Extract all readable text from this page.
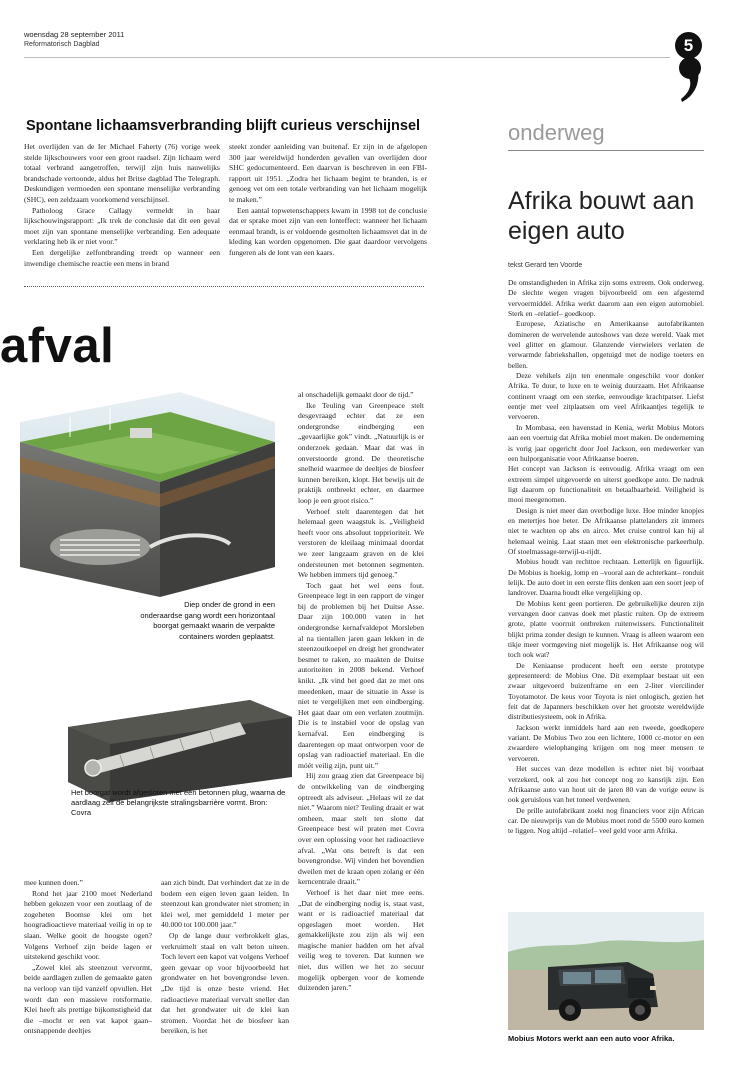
woensdag 28 september 2011
Reformatorisch Dagblad	5
Spontane lichaamsverbranding blijft curieus verschijnsel

Het overlijden van de Ier Michael Faherty (76) vorige week stelde lijkschouwers voor een groot raadsel. Zijn lichaam werd totaal verbrand aangetroffen, terwijl zijn huis nauwelijks brandschade vertoonde, aldus het Britse dagblad The Telegraph. Deskundigen vermoeden een spontane menselijke verbranding (SHC), een zeldzaam voorkomend verschijnsel.

Patholoog Grace Callagy vermeldt in haar lijkschouwingsrapport: „Ik trek de conclusie dat dit een geval moet zijn van spontane menselijke verbranding. Een adequate verklaring heb ik er niet voor.”

Een dergelijke zelfontbranding treedt op wanneer een inwendige chemische reactie een mens in brand

steekt zonder aanleiding van buitenaf. Er zijn in de afgelopen 300 jaar wereldwijd honderden gevallen van overlijden door SHC gedocumenteerd. Een daarvan is beschreven in een FBI-rapport uit 1951. „Zodra het lichaam begint te branden, is er genoeg vet om een totale verbranding van het lichaam mogelijk te maken.”

Een aantal topwetenschappers kwam in 1998 tot de conclusie dat er sprake moet zijn van een lonteffect: wanneer het lichaam eenmaal brandt, is er voldoende gesmolten lichaamsvet dat in de kleding kan worden opgenomen. Die gaat daardoor vervolgens fungeren als de lont van een kaars.

afval
Diep onder de grond in een onderaardse gang wordt een horizontaal boorgat gemaakt waarin de verpakte containers worden geplaatst.
Het boorgat wordt afgesloten met een betonnen plug, waarna de aardlaag zelf de belangrijkste stralingsbarrière vormt. Bron: Covra

al onschadelijk gemaakt door de tijd.”

Ike Teuling van Greenpeace stelt desgevraagd echter dat ze een ondergrondse eindberging een „gevaarlijke gok” vindt. „Natuurlijk is er onderzoek gedaan. Maar dat was in onverstoorde grond. De theoretische snelheid waarmee de deeltjes de biosfeer kunnen bereiken, klopt. Het bewijs uit de praktijk ontbreekt echter, en daarmee loop je een groot risico.”

Verhoef stelt daarentegen dat het helemaal geen waagstuk is. „Veiligheid heeft voor ons absoluut topprioriteit. We verstoren de kleilaag minimaal doordat we zeer langzaam graven en de klei ondersteunen met betonnen segmenten. We hebben immers tijd genoeg.”

Toch gaat het wel eens fout. Greenpeace legt in een rapport de vinger bij de problemen bij het Duitse Asse. Daar zijn 100.000 vaten in het ondergrondse kernafvaldepot Morsleben al na tientallen jaren gaan lekken in de steenzoutkoepel en dreigt het grondwater besmet te raken, zo maakten de Duitse autoriteiten in 2008 bekend. Verhoef knikt. „Ik vind het goed dat ze met ons meedenken, maar de situatie in Asse is niet te vergelijken met een eindberging. Het gaat daar om een verlaten zoutmijn. Die is te instabiel voor de opslag van kernafval. Een eindberging is daarentegen op maat ontworpen voor de opslag van radioactief materiaal. En die móét veilig zijn, punt uit.”

Hij zou graag zien dat Greenpeace bij de ontwikkeling van de eindberging optreedt als adviseur. „Helaas wil ze dat niet.” Waarom niet? Teuling draait er wat omheen, maar stelt ten slotte dat Greenpeace best wil praten met Covra over een oplossing voor het radioactieve afval. „Wat ons betreft is dat een bovengrondse. Wij vinden het bovendien dweilen met de kraan open zolang er één kerncentrale draait.”

Verhoef is het daar niet mee eens. „Dat de eindberging nodig is, staat vast, want er is radioactief materiaal dat opgeslagen moet worden. Het gemakkelijkste zou zijn als wij een magische manier hadden om het afval veilig weg te toveren. Dat kunnen we niet, dus willen we het zo secuur mogelijk opbergen voor de komende duizenden jaren.”

mee kunnen doen.”

Rond het jaar 2100 moet Nederland hebben gekozen voor een zoutlaag of de zogeheten Boomse klei om het hoogradioactieve materiaal veilig in op te slaan. Welke gooit de hoogste ogen? Volgens Verhoef zijn beide lagen er uitstekend geschikt voor.

„Zowel klei als steenzout vervormt, beide aardlagen zullen de gemaakte gaten na verloop van tijd vanzelf opvullen. Het wordt dan een massieve rotsformatie. Klei heeft als prettige bijkomstigheid dat die –mocht er een vat kapot gaan– ontsnappende deeltjes

aan zich bindt. Dat verhindert dat ze in de bodem een eigen leven gaan leiden. In steenzout kan grondwater niet stromen; in klei wel, met gemiddeld 1 meter per 40.000 tot 100.000 jaar.”

Op de lange duur verbrokkelt glas, verkruimelt staal en valt beton uiteen. Toch levert een kapot vat volgens Verhoef geen gevaar op voor bijvoorbeeld het grondwater en het bovengrondse leven. „De tijd is onze beste vriend. Het radioactieve materiaal vervalt sneller dan dat het grondwater uit de klei kan stromen. Voordat het de biosfeer kan bereiken, is het

onderweg
Afrika bouwt aan eigen auto
tekst Gerard ten Voorde

De omstandigheden in Afrika zijn soms extreem. Ook onderweg. De slechte wegen vragen bijvoorbeeld om een afgestemd vervoermiddel. Afrika werkt daarom aan een eigen automobiel. Sterk en –relatief– goedkoop.

Europese, Aziatische en Amerikaanse autofabrikanten domineren de wervelende autoshows van deze wereld. Vaak met veel glitter en glamour. Glanzende vierwielers verlaten de verwarmde fabriekshallen, opgetuigd met de nodige toeters en bellen.

Deze vehikels zijn ten enenmale ongeschikt voor donker Afrika. Te duur, te luxe en te weinig duurzaam. Het Afrikaanse continent vraagt om een sterke, eenvoudige krachtpatser. Liefst eentje met veel zitplaatsen om veel Afrikaantjes tegelijk te vervoeren.

In Mombasa, een havenstad in Kenia, werkt Mobius Motors aan een voertuig dat Afrika mobiel moet maken. De onderneming is vorig jaar opgericht door Joel Jackson, een medewerker van een hulporganisatie voor Afrikaanse boeren.

Het concept van Jackson is eenvoudig. Afrika vraagt om een extreem simpel uitgevoerde en uiterst goedkope auto. De nadruk ligt daarom op functionaliteit en betaalbaarheid. Veiligheid is mooi meegenomen.

Design is niet meer dan overbodige luxe. Hoe minder knopjes en metertjes hoe beter. De Afrikaanse plattelanders zit immers niet te wachten op abs en airco. Met cruise control kan hij al helemaal weinig. Laat staan met een elektronische parkeerhulp. Of stoelmassage-terwijl-u-rijdt.

Mobius houdt van rechttoe rechtaan. Letterlijk en figuurlijk. De Mobius is hoekig, lomp en –vooral aan de achterkant– ronduit lelijk. De auto doet in een eerste flits denken aan een soort jeep of landrover. Daarna houdt elke vergelijking op.

De Mobius kent geen portieren. De gebruikelijke deuren zijn vervangen door canvas doek met plastic ruiten. Op de extreem grote, platte voorruit ontbreken ruitenwissers. Functionaliteit blijkt prima zonder design te kunnen. Vraag is alleen waarom een tikje meer vormgeving niet mogelijk is. Het Afrikaanse oog wil toch ook wat?

De Keniaanse producent heeft een eerste prototype gepresenteerd: de Mobius One. Dit exemplaar bestaat uit een zwaar uitgevoerd buizenframe en een 2-liter viercilinder Toyotamotor. De keus voor Toyota is niet onlogisch, gezien het feit dat de Japanners beschikken over het grootste wereldwijde distributiesysteem, ook in Afrika.

Jackson werkt inmiddels hard aan een tweede, goedkopere variant. De Mobius Two zou een lichtere, 1000 cc-motor en een zwaardere wielophanging krijgen om nog meer mensen te vervoeren.

Het succes van deze modellen is echter niet bij voorbaat verzekerd, ook al zou het concept nog zo kansrijk zijn. Een Afrikaanse auto van hout uit de jaren 80 van de vorige eeuw is ook geruisloos van het toneel verdwenen.

De prille autofabrikant zoekt nog financiers voor zijn African car. De nieuwprijs van de Mobius moet rond de 5500 euro komen te liggen. Nog altijd –relatief– veel geld voor arm Afrika.

Mobius Motors werkt aan een auto voor Afrika.
